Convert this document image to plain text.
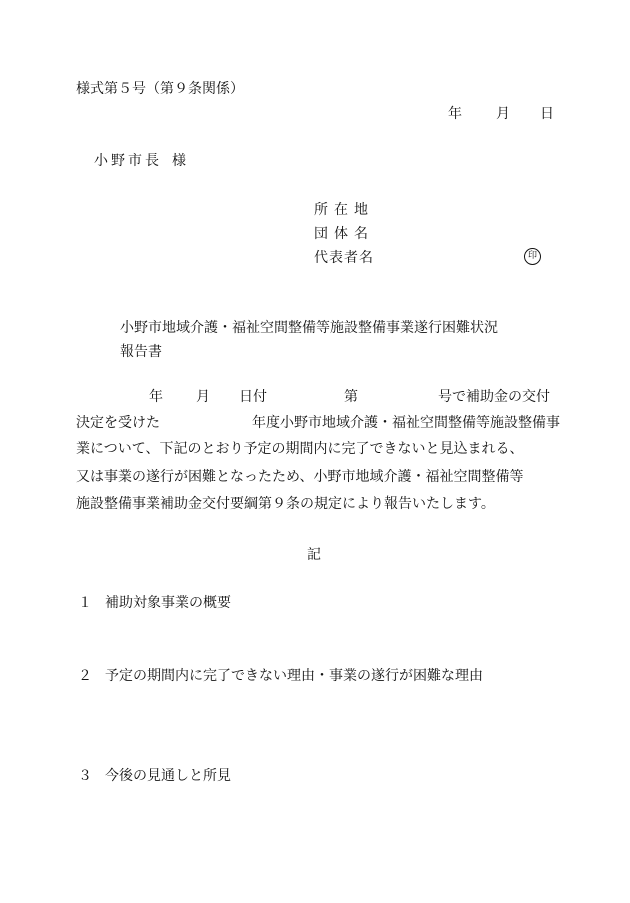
様式第５号（第９条関係）
年 月 日
小野市長 様
所在地
団体名
代表者名	印
小野市地域介護・福祉空間整備等施設整備事業遂行困難状況
報告書
年 月 日付	第	号で補助金の交付
決定を受けた	年度小野市地域介護・福祉空間整備等施設整備事
業について、下記のとおり予定の期間内に完了できないと見込まれる、
又は事業の遂行が困難となったため、小野市地域介護・福祉空間整備等
施設整備事業補助金交付要綱第９条の規定により報告いたします。
記
１ 補助対象事業の概要
２ 予定の期間内に完了できない理由・事業の遂行が困難な理由
３ 今後の見通しと所見
